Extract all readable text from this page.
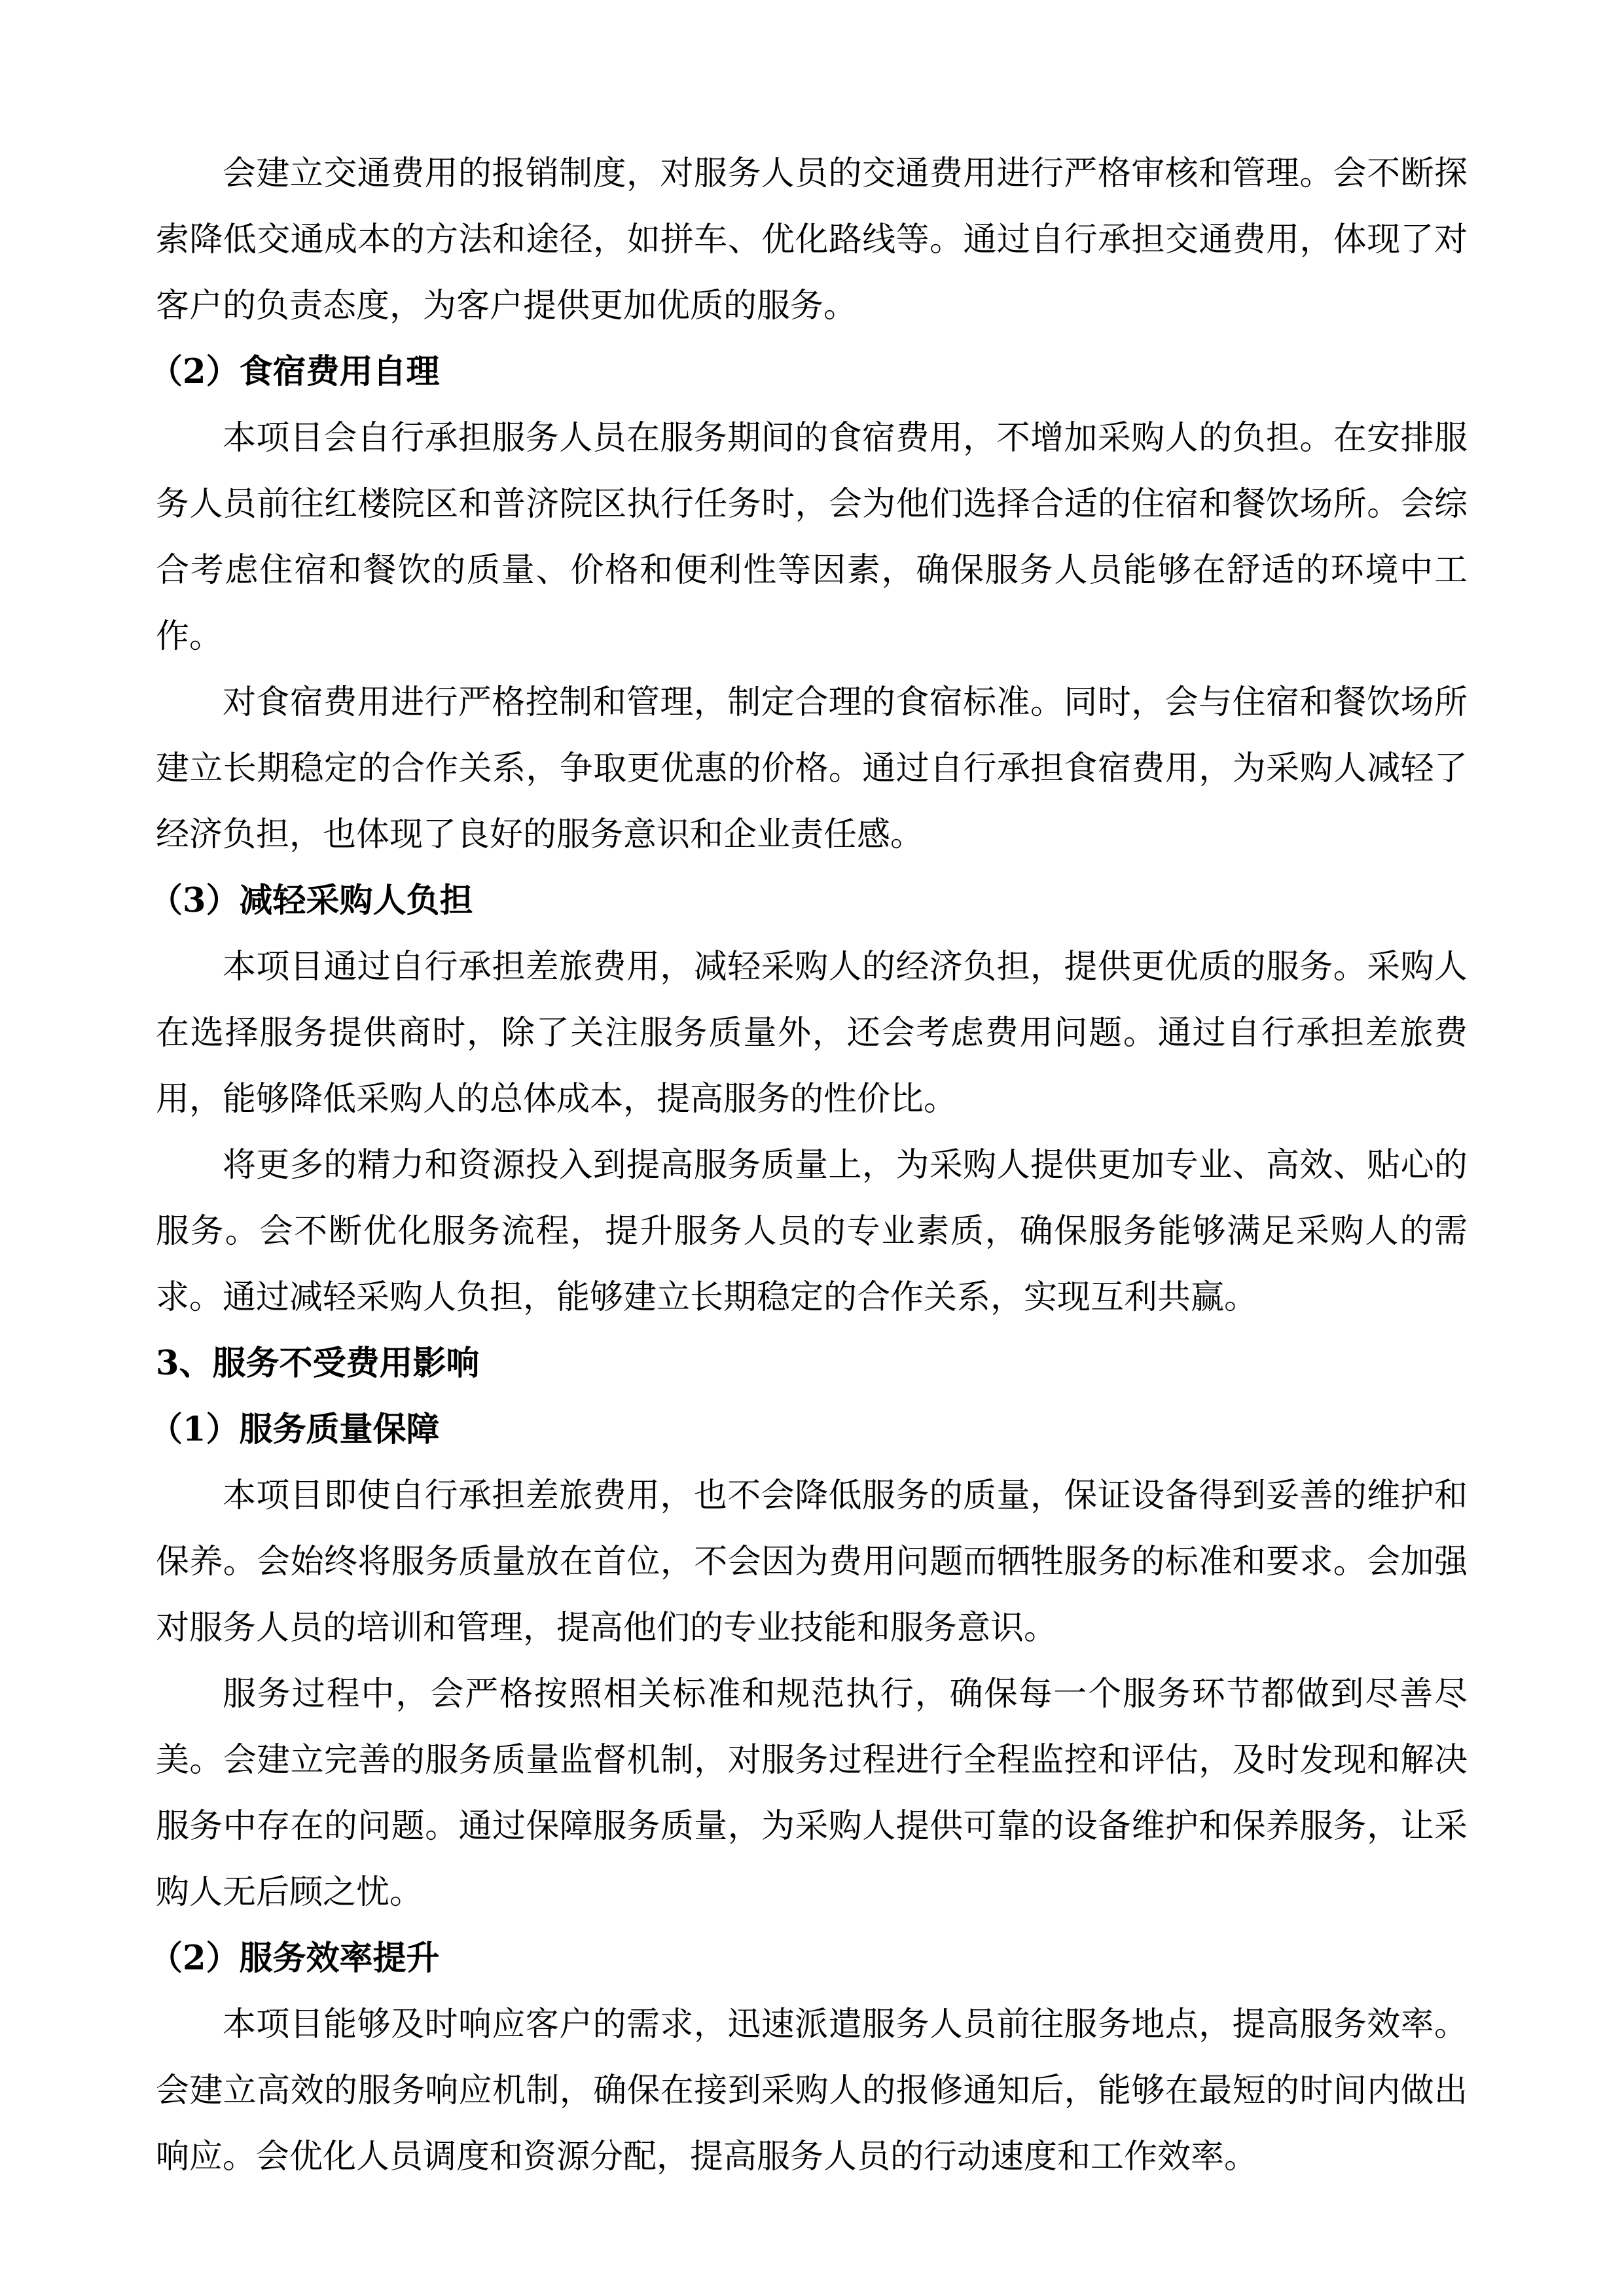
会建立交通费用的报销制度，对服务人员的交通费用进行严格审核和管理。会不断探索降低交通成本的方法和途径，如拼车、优化路线等。通过自行承担交通费用，体现了对客户的负责态度，为客户提供更加优质的服务。

（2）食宿费用自理

本项目会自行承担服务人员在服务期间的食宿费用，不增加采购人的负担。在安排服务人员前往红楼院区和普济院区执行任务时，会为他们选择合适的住宿和餐饮场所。会综合考虑住宿和餐饮的质量、价格和便利性等因素，确保服务人员能够在舒适的环境中工作。

对食宿费用进行严格控制和管理，制定合理的食宿标准。同时，会与住宿和餐饮场所建立长期稳定的合作关系，争取更优惠的价格。通过自行承担食宿费用，为采购人减轻了经济负担，也体现了良好的服务意识和企业责任感。

（3）减轻采购人负担

本项目通过自行承担差旅费用，减轻采购人的经济负担，提供更优质的服务。采购人在选择服务提供商时，除了关注服务质量外，还会考虑费用问题。通过自行承担差旅费用，能够降低采购人的总体成本，提高服务的性价比。

将更多的精力和资源投入到提高服务质量上，为采购人提供更加专业、高效、贴心的服务。会不断优化服务流程，提升服务人员的专业素质，确保服务能够满足采购人的需求。通过减轻采购人负担，能够建立长期稳定的合作关系，实现互利共赢。

3、服务不受费用影响

（1）服务质量保障

本项目即使自行承担差旅费用，也不会降低服务的质量，保证设备得到妥善的维护和保养。会始终将服务质量放在首位，不会因为费用问题而牺牲服务的标准和要求。会加强对服务人员的培训和管理，提高他们的专业技能和服务意识。

服务过程中，会严格按照相关标准和规范执行，确保每一个服务环节都做到尽善尽美。会建立完善的服务质量监督机制，对服务过程进行全程监控和评估，及时发现和解决服务中存在的问题。通过保障服务质量，为采购人提供可靠的设备维护和保养服务，让采购人无后顾之忧。

（2）服务效率提升

本项目能够及时响应客户的需求，迅速派遣服务人员前往服务地点，提高服务效率。会建立高效的服务响应机制，确保在接到采购人的报修通知后，能够在最短的时间内做出响应。会优化人员调度和资源分配，提高服务人员的行动速度和工作效率。
